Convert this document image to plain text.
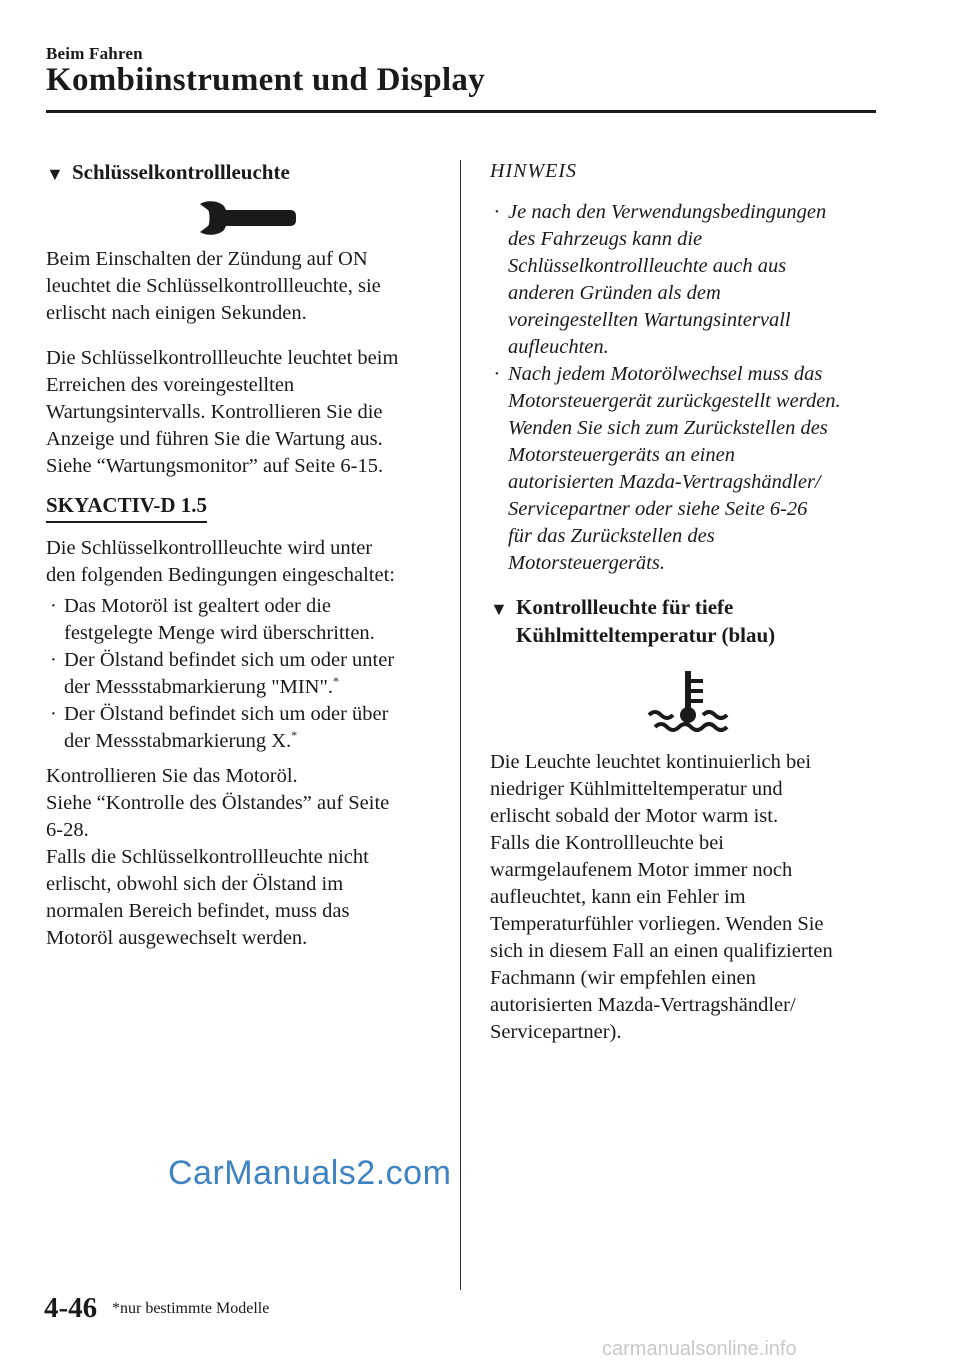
Beim Fahren
Kombiinstrument und Display
▼ Schlüsselkontrollleuchte

Beim Einschalten der Zündung auf ON

leuchtet die Schlüsselkontrollleuchte, sie

erlischt nach einigen Sekunden.

Die Schlüsselkontrollleuchte leuchtet beim

Erreichen des voreingestellten

Wartungsintervalls. Kontrollieren Sie die

Anzeige und führen Sie die Wartung aus.

Siehe “Wartungsmonitor” auf Seite 6-15.

SKYACTIV-D 1.5

Die Schlüsselkontrollleuchte wird unter

den folgenden Bedingungen eingeschaltet:

· Das Motoröl ist gealtert oder die

festgelegte Menge wird überschritten.

· Der Ölstand befindet sich um oder unter

der Messstabmarkierung "MIN".*

· Der Ölstand befindet sich um oder über

der Messstabmarkierung X.*

Kontrollieren Sie das Motoröl.

Siehe “Kontrolle des Ölstandes” auf Seite

6-28.

Falls die Schlüsselkontrollleuchte nicht

erlischt, obwohl sich der Ölstand im

normalen Bereich befindet, muss das

Motoröl ausgewechselt werden.

HINWEIS
· Je nach den Verwendungsbedingungen

des Fahrzeugs kann die

Schlüsselkontrollleuchte auch aus

anderen Gründen als dem

voreingestellten Wartungsintervall

aufleuchten.

· Nach jedem Motorölwechsel muss das

Motorsteuergerät zurückgestellt werden.

Wenden Sie sich zum Zurückstellen des

Motorsteuergeräts an einen

autorisierten Mazda-Vertragshändler/

Servicepartner oder siehe Seite 6-26

für das Zurückstellen des

Motorsteuergeräts.

▼ Kontrollleuchte für tiefe
Kühlmitteltemperatur (blau)

Die Leuchte leuchtet kontinuierlich bei

niedriger Kühlmitteltemperatur und

erlischt sobald der Motor warm ist.

Falls die Kontrollleuchte bei

warmgelaufenem Motor immer noch

aufleuchtet, kann ein Fehler im

Temperaturfühler vorliegen. Wenden Sie

sich in diesem Fall an einen qualifizierten

Fachmann (wir empfehlen einen

autorisierten Mazda-Vertragshändler/

Servicepartner).

CarManuals2.com
carmanualsonline.info
4-46 *nur bestimmte Modelle
